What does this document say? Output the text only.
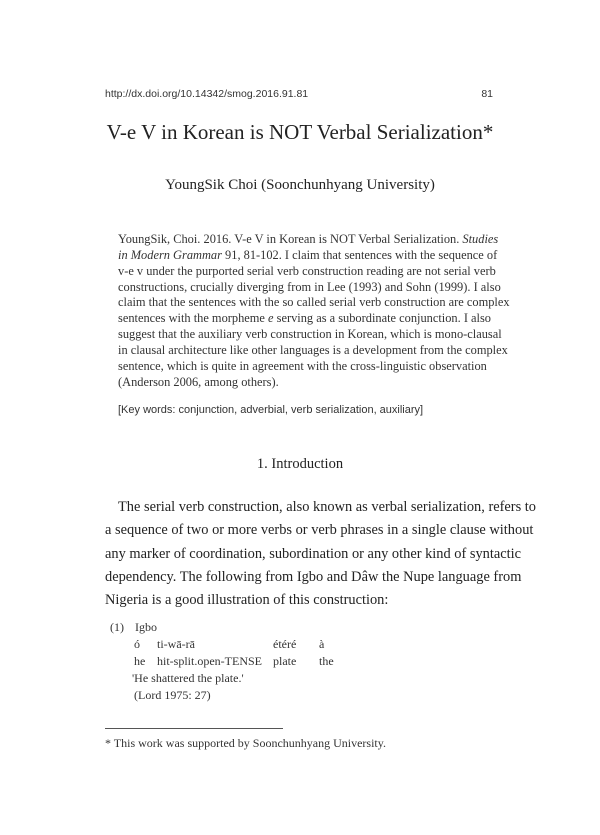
http://dx.doi.org/10.14342/smog.2016.91.81	81
V-e V in Korean is NOT Verbal Serialization*
YoungSik Choi (Soonchunhyang University)
YoungSik, Choi. 2016. V-e V in Korean is NOT Verbal Serialization. Studies
in Modern Grammar 91, 81-102. I claim that sentences with the sequence of
v-e v under the purported serial verb construction reading are not serial verb
constructions, crucially diverging from in Lee (1993) and Sohn (1999). I also
claim that the sentences with the so called serial verb construction are complex
sentences with the morpheme e serving as a subordinate conjunction. I also
suggest that the auxiliary verb construction in Korean, which is mono-clausal
in clausal architecture like other languages is a development from the complex
sentence, which is quite in agreement with the cross-linguistic observation
(Anderson 2006, among others).
[Key words: conjunction, adverbial, verb serialization, auxiliary]
1. Introduction
The serial verb construction, also known as verbal serialization, refers to
a sequence of two or more verbs or verb phrases in a single clause without
any marker of coordination, subordination or any other kind of syntactic
dependency. The following from Igbo and Dâw the Nupe language from
Nigeria is a good illustration of this construction:
(1) Igbo
ó ti-wā-rā	étéré à
he hit-split.open-TENSE plate the
'He shattered the plate.'
(Lord 1975: 27)
* This work was supported by Soonchunhyang University.
